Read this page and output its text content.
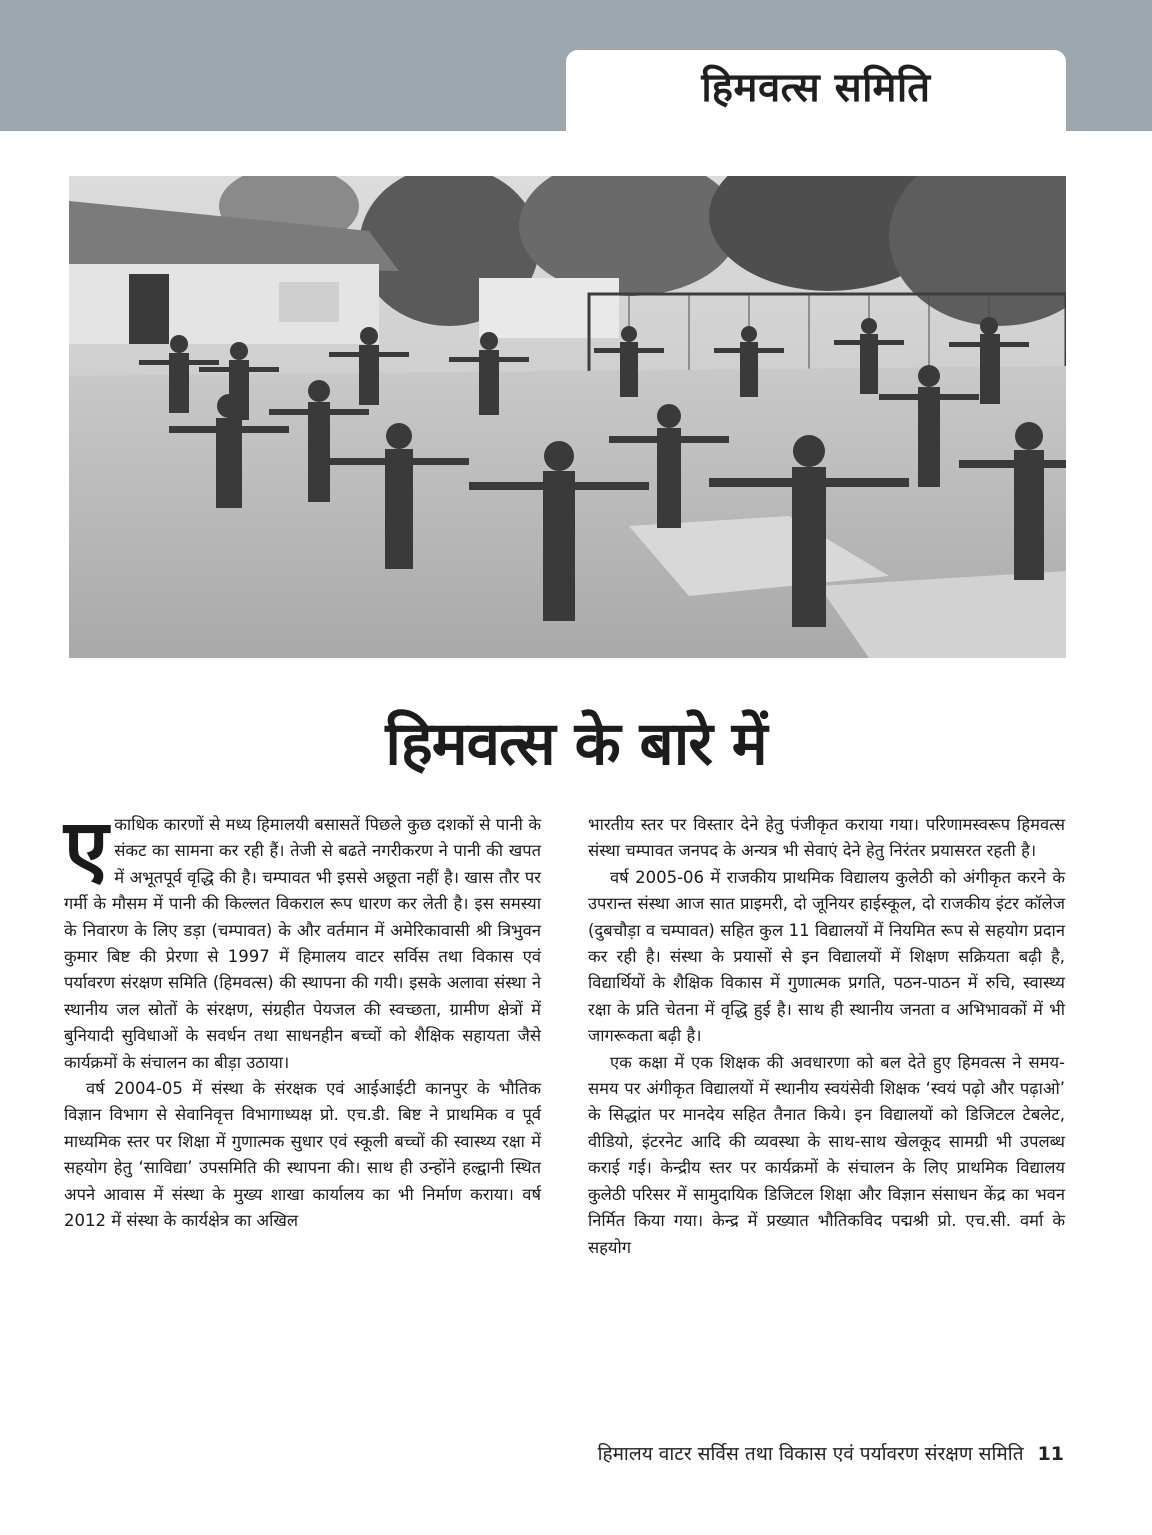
हिमवत्स समिति
हिमवत्स के बारे में

एकाधिक कारणों से मध्य हिमालयी बसासतें पिछले कुछ दशकों से पानी के संकट का सामना कर रही हैं। तेजी से बढते नगरीकरण ने पानी की खपत में अभूतपूर्व वृद्धि की है। चम्पावत भी इससे अछूता नहीं है। खास तौर पर गर्मी के मौसम में पानी की किल्लत विकराल रूप धारण कर लेती है। इस समस्या के निवारण के लिए डड़ा (चम्पावत) के और वर्तमान में अमेरिकावासी श्री त्रिभुवन कुमार बिष्ट की प्रेरणा से 1997 में हिमालय वाटर सर्विस तथा विकास एवं पर्यावरण संरक्षण समिति (हिमवत्स) की स्थापना की गयी। इसके अलावा संस्था ने स्थानीय जल स्रोतों के संरक्षण, संग्रहीत पेयजल की स्वच्छता, ग्रामीण क्षेत्रों में बुनियादी सुविधाओं के सवर्धन तथा साधनहीन बच्चों को शैक्षिक सहायता जैसे कार्यक्रमों के संचालन का बीड़ा उठाया।

वर्ष 2004-05 में संस्था के संरक्षक एवं आईआईटी कानपुर के भौतिक विज्ञान विभाग से सेवानिवृत्त विभागाध्यक्ष प्रो. एच.डी. बिष्ट ने प्राथमिक व पूर्व माध्यमिक स्तर पर शिक्षा में गुणात्मक सुधार एवं स्कूली बच्चों की स्वास्थ्य रक्षा में सहयोग हेतु ‘साविद्या’ उपसमिति की स्थापना की। साथ ही उन्होंने हल्द्वानी स्थित अपने आवास में संस्था के मुख्य शाखा कार्यालय का भी निर्माण कराया। वर्ष 2012 में संस्था के कार्यक्षेत्र का अखिल

भारतीय स्तर पर विस्तार देने हेतु पंजीकृत कराया गया। परिणामस्वरूप हिमवत्स संस्था चम्पावत जनपद के अन्यत्र भी सेवाएं देने हेतु निरंतर प्रयासरत रहती है।

वर्ष 2005-06 में राजकीय प्राथमिक विद्यालय कुलेठी को अंगीकृत करने के उपरान्त संस्था आज सात प्राइमरी, दो जूनियर हाईस्कूल, दो राजकीय इंटर कॉलेज (दुबचौड़ा व चम्पावत) सहित कुल 11 विद्यालयों में नियमित रूप से सहयोग प्रदान कर रही है। संस्था के प्रयासों से इन विद्यालयों में शिक्षण सक्रियता बढ़ी है, विद्यार्थियों के शैक्षिक विकास में गुणात्मक प्रगति, पठन-पाठन में रुचि, स्वास्थ्य रक्षा के प्रति चेतना में वृद्धि हुई है। साथ ही स्थानीय जनता व अभिभावकों में भी जागरूकता बढ़ी है।

एक कक्षा में एक शिक्षक की अवधारणा को बल देते हुए हिमवत्स ने समय-समय पर अंगीकृत विद्यालयों में स्थानीय स्वयंसेवी शिक्षक ‘स्वयं पढ़ो और पढ़ाओ’ के सिद्धांत पर मानदेय सहित तैनात किये। इन विद्यालयों को डिजिटल टेबलेट, वीडियो, इंटरनेट आदि की व्यवस्था के साथ-साथ खेलकूद सामग्री भी उपलब्ध कराई गई। केन्द्रीय स्तर पर कार्यक्रमों के संचालन के लिए प्राथमिक विद्यालय कुलेठी परिसर में सामुदायिक डिजिटल शिक्षा और विज्ञान संसाधन केंद्र का भवन निर्मित किया गया। केन्द्र में प्रख्यात भौतिकविद पद्मश्री प्रो. एच.सी. वर्मा के सहयोग

हिमालय वाटर सर्विस तथा विकास एवं पर्यावरण संरक्षण समिति 11
